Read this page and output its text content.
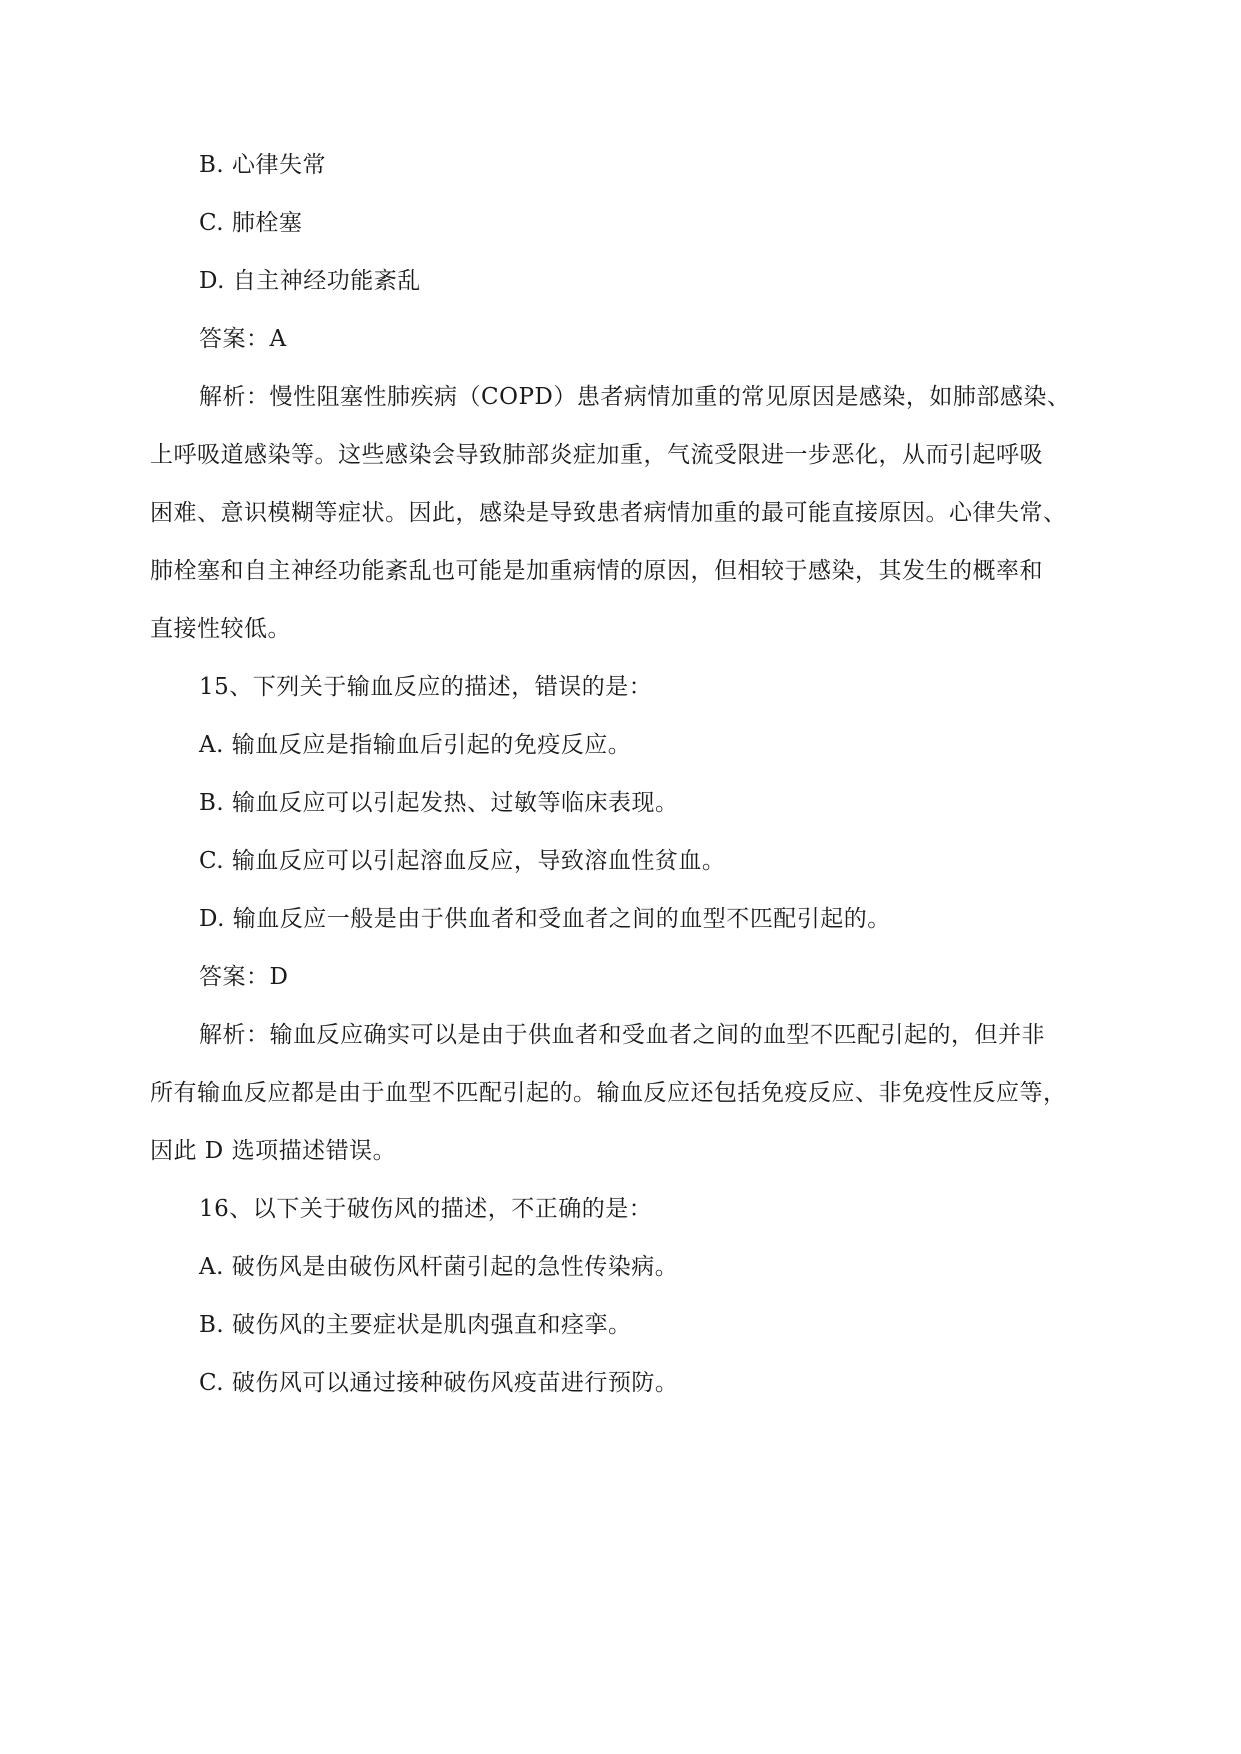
B. 心律失常
C. 肺栓塞
D. 自主神经功能紊乱
答案：A
解析：慢性阻塞性肺疾病（COPD）患者病情加重的常见原因是感染，如肺部感染、
上呼吸道感染等。这些感染会导致肺部炎症加重，气流受限进一步恶化，从而引起呼吸
困难、意识模糊等症状。因此，感染是导致患者病情加重的最可能直接原因。心律失常、
肺栓塞和自主神经功能紊乱也可能是加重病情的原因，但相较于感染，其发生的概率和
直接性较低。
15、下列关于输血反应的描述，错误的是：
A. 输血反应是指输血后引起的免疫反应。
B. 输血反应可以引起发热、过敏等临床表现。
C. 输血反应可以引起溶血反应，导致溶血性贫血。
D. 输血反应一般是由于供血者和受血者之间的血型不匹配引起的。
答案：D
解析：输血反应确实可以是由于供血者和受血者之间的血型不匹配引起的，但并非
所有输血反应都是由于血型不匹配引起的。输血反应还包括免疫反应、非免疫性反应等，
因此 D 选项描述错误。
16、以下关于破伤风的描述，不正确的是：
A. 破伤风是由破伤风杆菌引起的急性传染病。
B. 破伤风的主要症状是肌肉强直和痉挛。
C. 破伤风可以通过接种破伤风疫苗进行预防。
